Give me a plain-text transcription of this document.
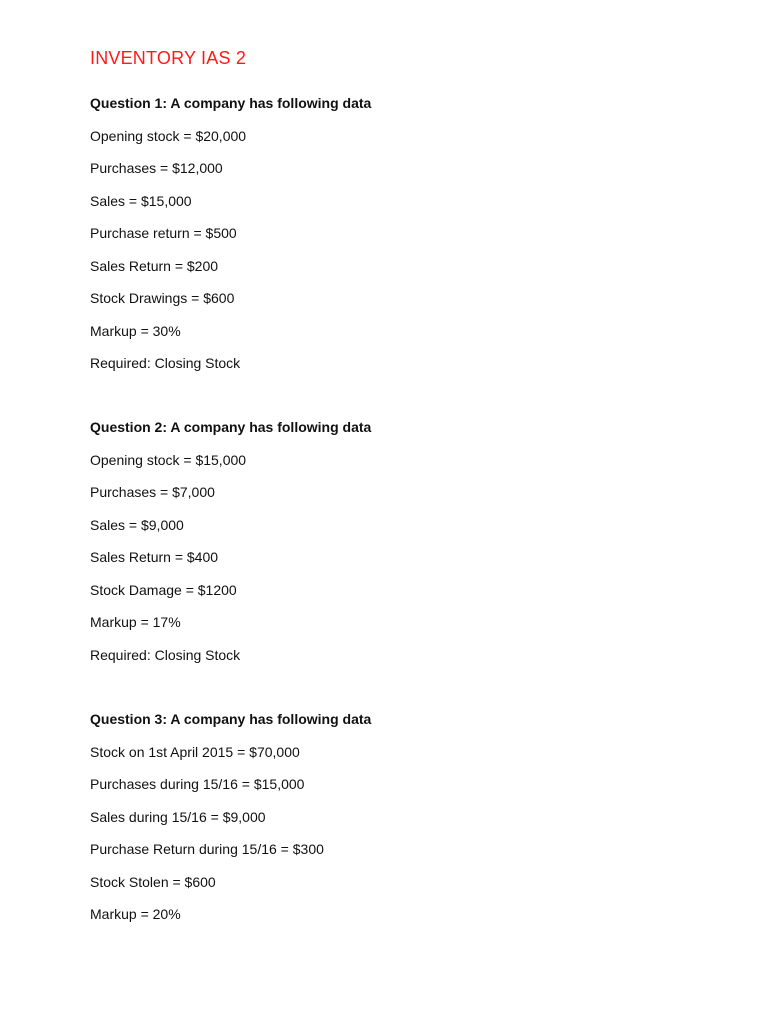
INVENTORY IAS 2

Question 1: A company has following data

Opening stock = $20,000

Purchases = $12,000

Sales = $15,000

Purchase return = $500

Sales Return = $200

Stock Drawings = $600

Markup = 30%

Required: Closing Stock

Question 2: A company has following data

Opening stock = $15,000

Purchases = $7,000

Sales = $9,000

Sales Return = $400

Stock Damage = $1200

Markup = 17%

Required: Closing Stock

Question 3: A company has following data

Stock on 1st April 2015 = $70,000

Purchases during 15/16 = $15,000

Sales during 15/16 = $9,000

Purchase Return during 15/16 = $300

Stock Stolen = $600

Markup = 20%
